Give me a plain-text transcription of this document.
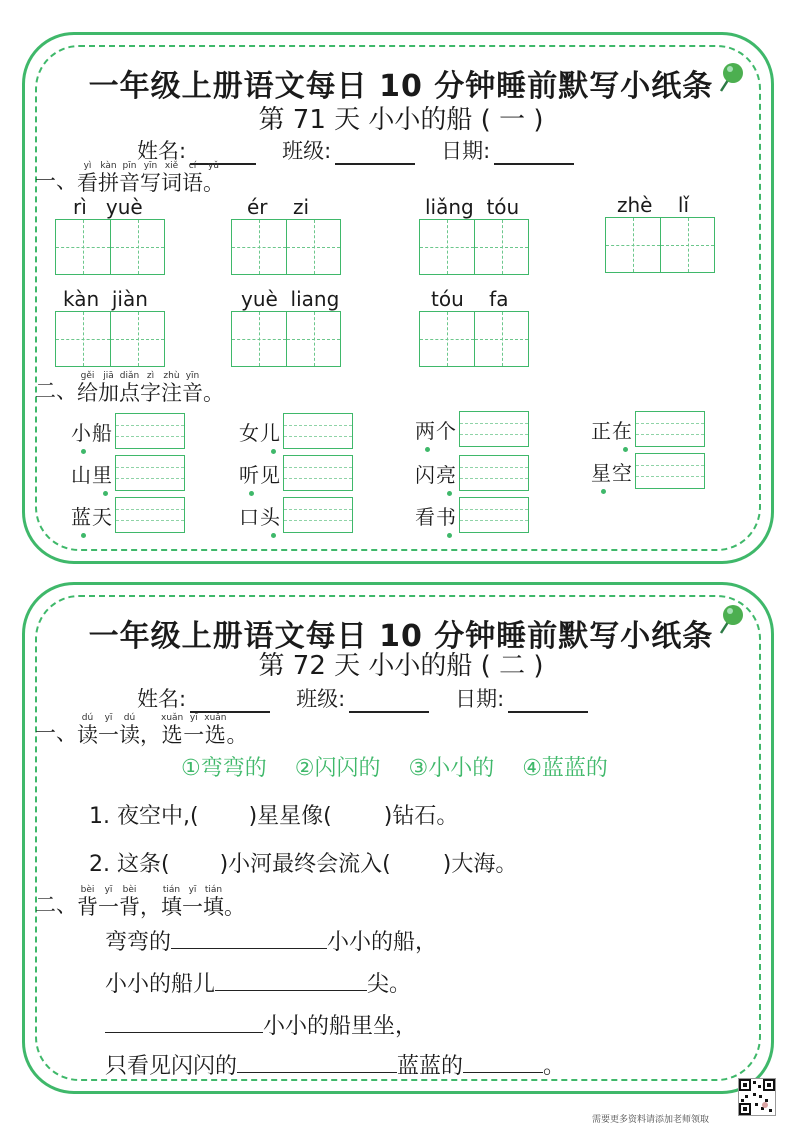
一年级上册语文每日 10 分钟睡前默写小纸条
第 71 天 小小的船 ( 一 )
姓名:	班级:	日期:
一、
yì
看
kàn
拼
pīn
音
yīn
写
xiě
词
cí
语
yǔ
。
rì   yuè	ér    zi	liǎng  tóu	zhè    lǐ
kàn  jiàn	yuè  liang	tóu    fa
二、
gěi
给
jiā
加
diǎn
点
zì
字
zhù
注
yīn
音 。
小船	女儿	两个	正在
山里	听见	闪亮	星空
蓝天	口头	看书
一年级上册语文每日 10 分钟睡前默写小纸条
第 72 天 小小的船 ( 二 )
姓名:	班级:	日期:
一、
dú
读
yī
一
dú
读 ，
xuǎn
选
yī
一
xuǎn
选 。
①弯弯的 ②闪闪的 ③小小的 ④蓝蓝的
1. 夜空中,( )星星像( )钻石。
2. 这条( )小河最终会流入( )大海。
二、
bèi
背
yī
一
bèi
背 ，
tián
填
yī
一
tián
填 。
弯弯的	小小的船，
小小的船儿	尖。
小小的船里坐，
只看见闪闪的	蓝蓝的	。
需要更多资料请添加老师领取
